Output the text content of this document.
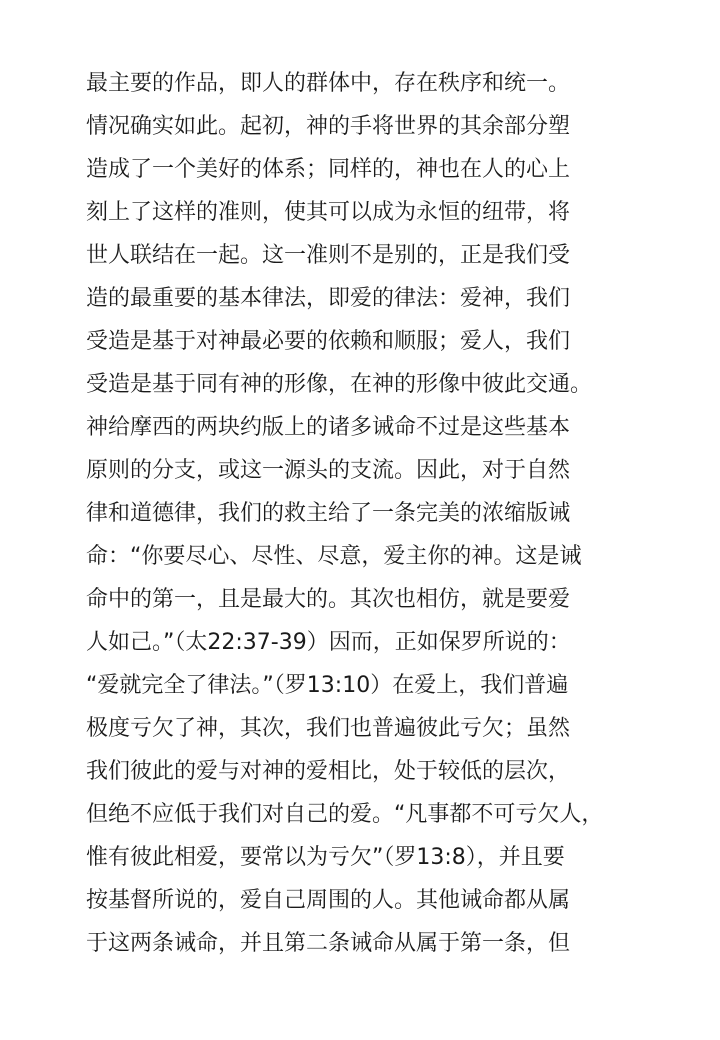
最主要的作品，即人的群体中，存在秩序和统一。
情况确实如此。起初，神的手将世界的其余部分塑
造成了一个美好的体系；同样的，神也在人的心上
刻上了这样的准则，使其可以成为永恒的纽带，将
世人联结在一起。这一准则不是别的，正是我们受
造的最重要的基本律法，即爱的律法：爱神，我们
受造是基于对神最必要的依赖和顺服；爱人，我们
受造是基于同有神的形像，在神的形像中彼此交通。
神给摩西的两块约版上的诸多诫命不过是这些基本
原则的分支，或这一源头的支流。因此，对于自然
律和道德律，我们的救主给了一条完美的浓缩版诫
命：“你要尽心、尽性、尽意，爱主你的神。这是诫
命中的第一，且是最大的。其次也相仿，就是要爱
人如己。”（太22:37-39）因而，正如保罗所说的：
“爱就完全了律法。”（罗13:10）在爱上，我们普遍
极度亏欠了神，其次，我们也普遍彼此亏欠；虽然
我们彼此的爱与对神的爱相比，处于较低的层次，
但绝不应低于我们对自己的爱。“凡事都不可亏欠人，
惟有彼此相爱，要常以为亏欠”（罗13:8），并且要
按基督所说的，爱自己周围的人。其他诫命都从属
于这两条诫命，并且第二条诫命从属于第一条，但
